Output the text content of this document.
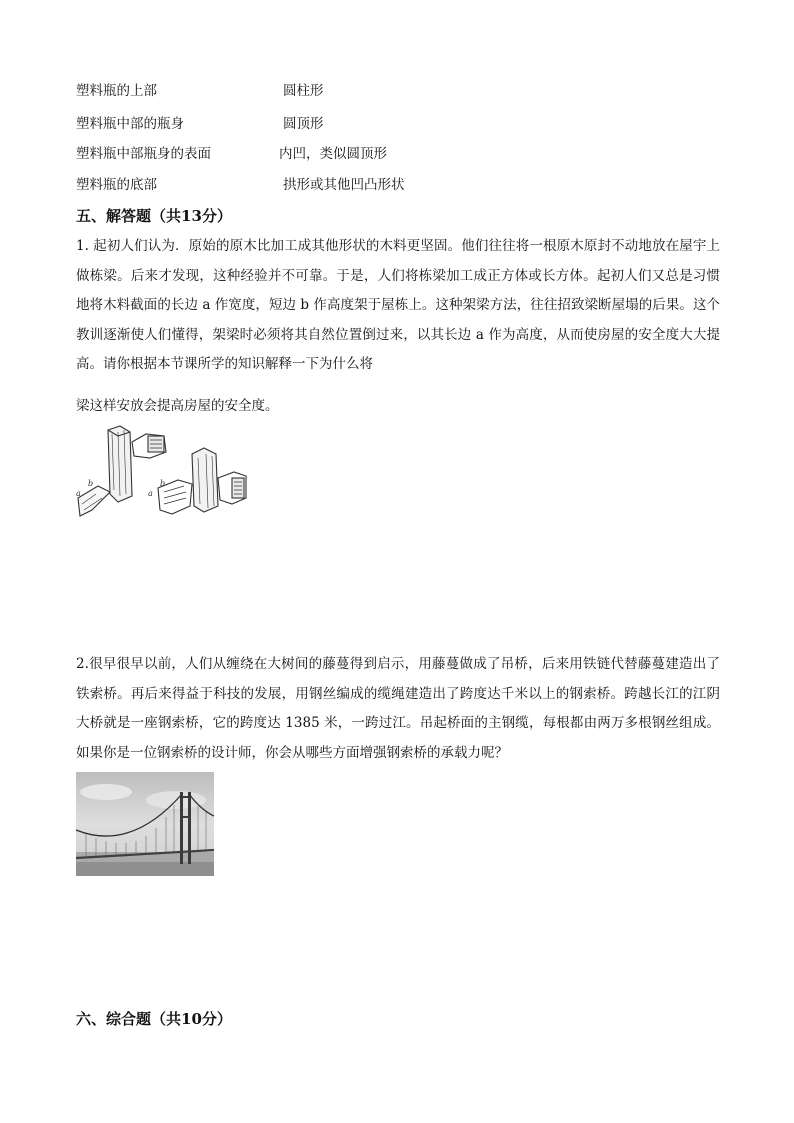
塑料瓶的上部	圆柱形
塑料瓶中部的瓶身	圆顶形
塑料瓶中部瓶身的表面	内凹，类似圆顶形
塑料瓶的底部	拱形或其他凹凸形状
五、解答题（共13分）
1. 起初人们认为．原始的原木比加工成其他形状的木料更坚固。他们往往将一根原木原封不动地放在屋宇上做栋梁。后来才发现，这种经验并不可靠。于是，人们将栋梁加工成正方体或长方体。起初人们又总是习惯地将木料截面的长边 a 作宽度，短边 b 作高度架于屋栋上。这种架梁方法，往往招致梁断屋塌的后果。这个教训逐渐使人们懂得，架梁时必须将其自然位置倒过来，以其长边 a 作为高度，从而使房屋的安全度大大提高。请你根据本节课所学的知识解释一下为什么将
梁这样安放会提高房屋的安全度。
a
b
a
b
2.很早很早以前，人们从缠绕在大树间的藤蔓得到启示，用藤蔓做成了吊桥，后来用铁链代替藤蔓建造出了铁索桥。再后来得益于科技的发展，用钢丝编成的缆绳建造出了跨度达千米以上的钢索桥。跨越长江的江阴大桥就是一座钢索桥，它的跨度达 1385 米，一跨过江。吊起桥面的主钢缆，每根都由两万多根钢丝组成。如果你是一位钢索桥的设计师，你会从哪些方面增强钢索桥的承载力呢？
六、综合题（共10分）
